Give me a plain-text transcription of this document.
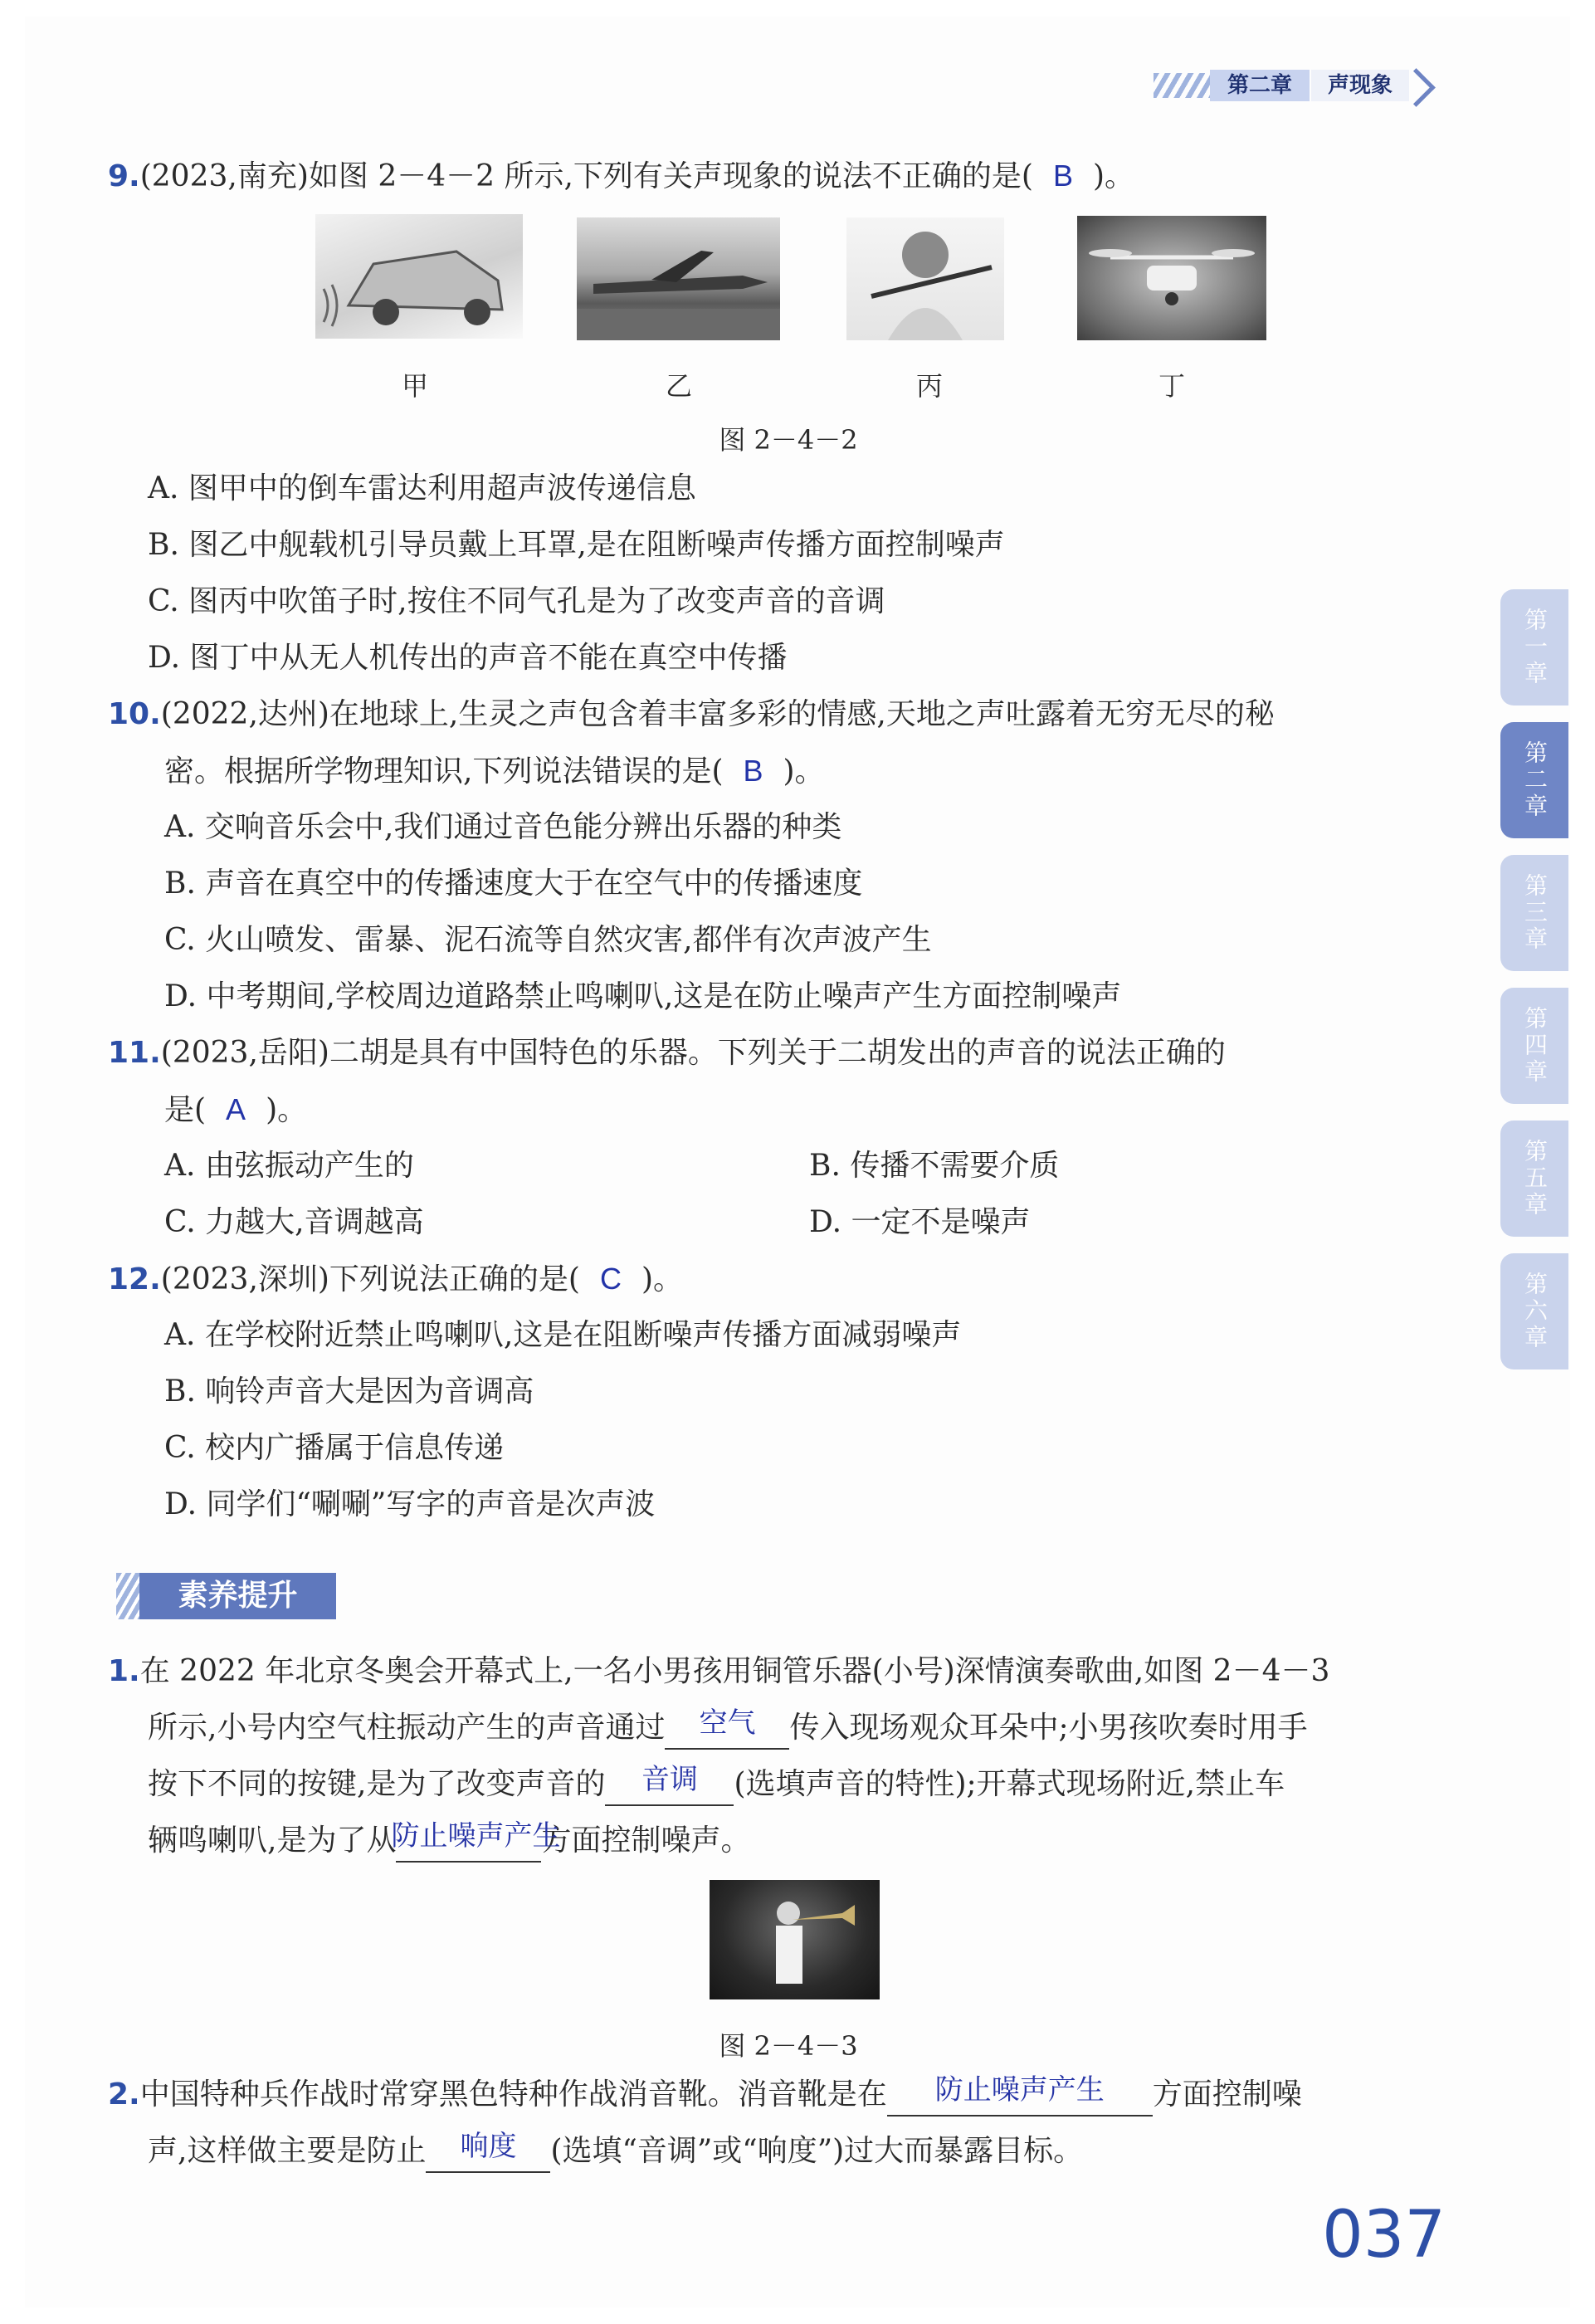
第二章	声现象
第一章
第二章
第三章
第四章
第五章
第六章
9.(2023,南充)如图 2－4－2 所示,下列有关声现象的说法不正确的是( B )。
甲	乙	丙	丁
图 2－4－2
A. 图甲中的倒车雷达利用超声波传递信息
B. 图乙中舰载机引导员戴上耳罩,是在阻断噪声传播方面控制噪声
C. 图丙中吹笛子时,按住不同气孔是为了改变声音的音调
D. 图丁中从无人机传出的声音不能在真空中传播
10.(2022,达州)在地球上,生灵之声包含着丰富多彩的情感,天地之声吐露着无穷无尽的秘
密。根据所学物理知识,下列说法错误的是( B )。
A. 交响音乐会中,我们通过音色能分辨出乐器的种类
B. 声音在真空中的传播速度大于在空气中的传播速度
C. 火山喷发、雷暴、泥石流等自然灾害,都伴有次声波产生
D. 中考期间,学校周边道路禁止鸣喇叭,这是在防止噪声产生方面控制噪声
11.(2023,岳阳)二胡是具有中国特色的乐器。下列关于二胡发出的声音的说法正确的
是( A )。
A. 由弦振动产生的	B. 传播不需要介质
C. 力越大,音调越高	D. 一定不是噪声
12.(2023,深圳)下列说法正确的是( C )。
A. 在学校附近禁止鸣喇叭,这是在阻断噪声传播方面减弱噪声
B. 响铃声音大是因为音调高
C. 校内广播属于信息传递
D. 同学们“唰唰”写字的声音是次声波
素养提升
1.在 2022 年北京冬奥会开幕式上,一名小男孩用铜管乐器(小号)深情演奏歌曲,如图 2－4－3
所示,小号内空气柱振动产生的声音通过	空气	传入现场观众耳朵中;小男孩吹奏时用手
按下不同的按键,是为了改变声音的	音调	(选填声音的特性);开幕式现场附近,禁止车
辆鸣喇叭,是为了从
防止噪声产生
方面控制噪声。
图 2－4－3
2.中国特种兵作战时常穿黑色特种作战消音靴。消音靴是在	防止噪声产生	方面控制噪
声,这样做主要是防止	响度	(选填“音调”或“响度”)过大而暴露目标。
037
